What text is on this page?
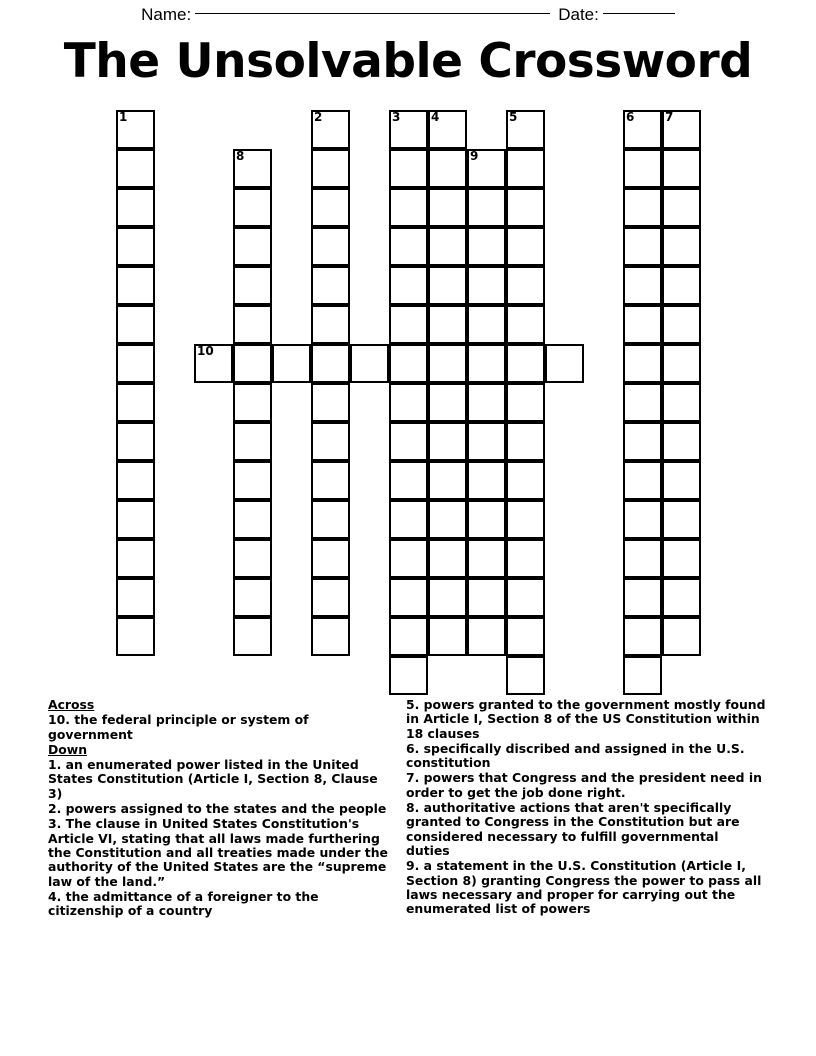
Name:	Date:
The Unsolvable Crossword
1
8
2	3	4
9
5	6	7
10
Across
10. the federal principle or system of government
Down
1. an enumerated power listed in the United States Constitution (Article I, Section 8, Clause 3)
2. powers assigned to the states and the people
3. The clause in United States Constitution's Article VI, stating that all laws made furthering the Constitution and all treaties made under the authority of the United States are the “supreme law of the land.”
4. the admittance of a foreigner to the citizenship of a country
5. powers granted to the government mostly found in Article I, Section 8 of the US Constitution within 18 clauses
6. specifically discribed and assigned in the U.S. constitution
7. powers that Congress and the president need in order to get the job done right.
8. authoritative actions that aren't specifically granted to Congress in the Constitution but are considered necessary to fulfill governmental duties
9. a statement in the U.S. Constitution (Article I, Section 8) granting Congress the power to pass all laws necessary and proper for carrying out the enumerated list of powers
